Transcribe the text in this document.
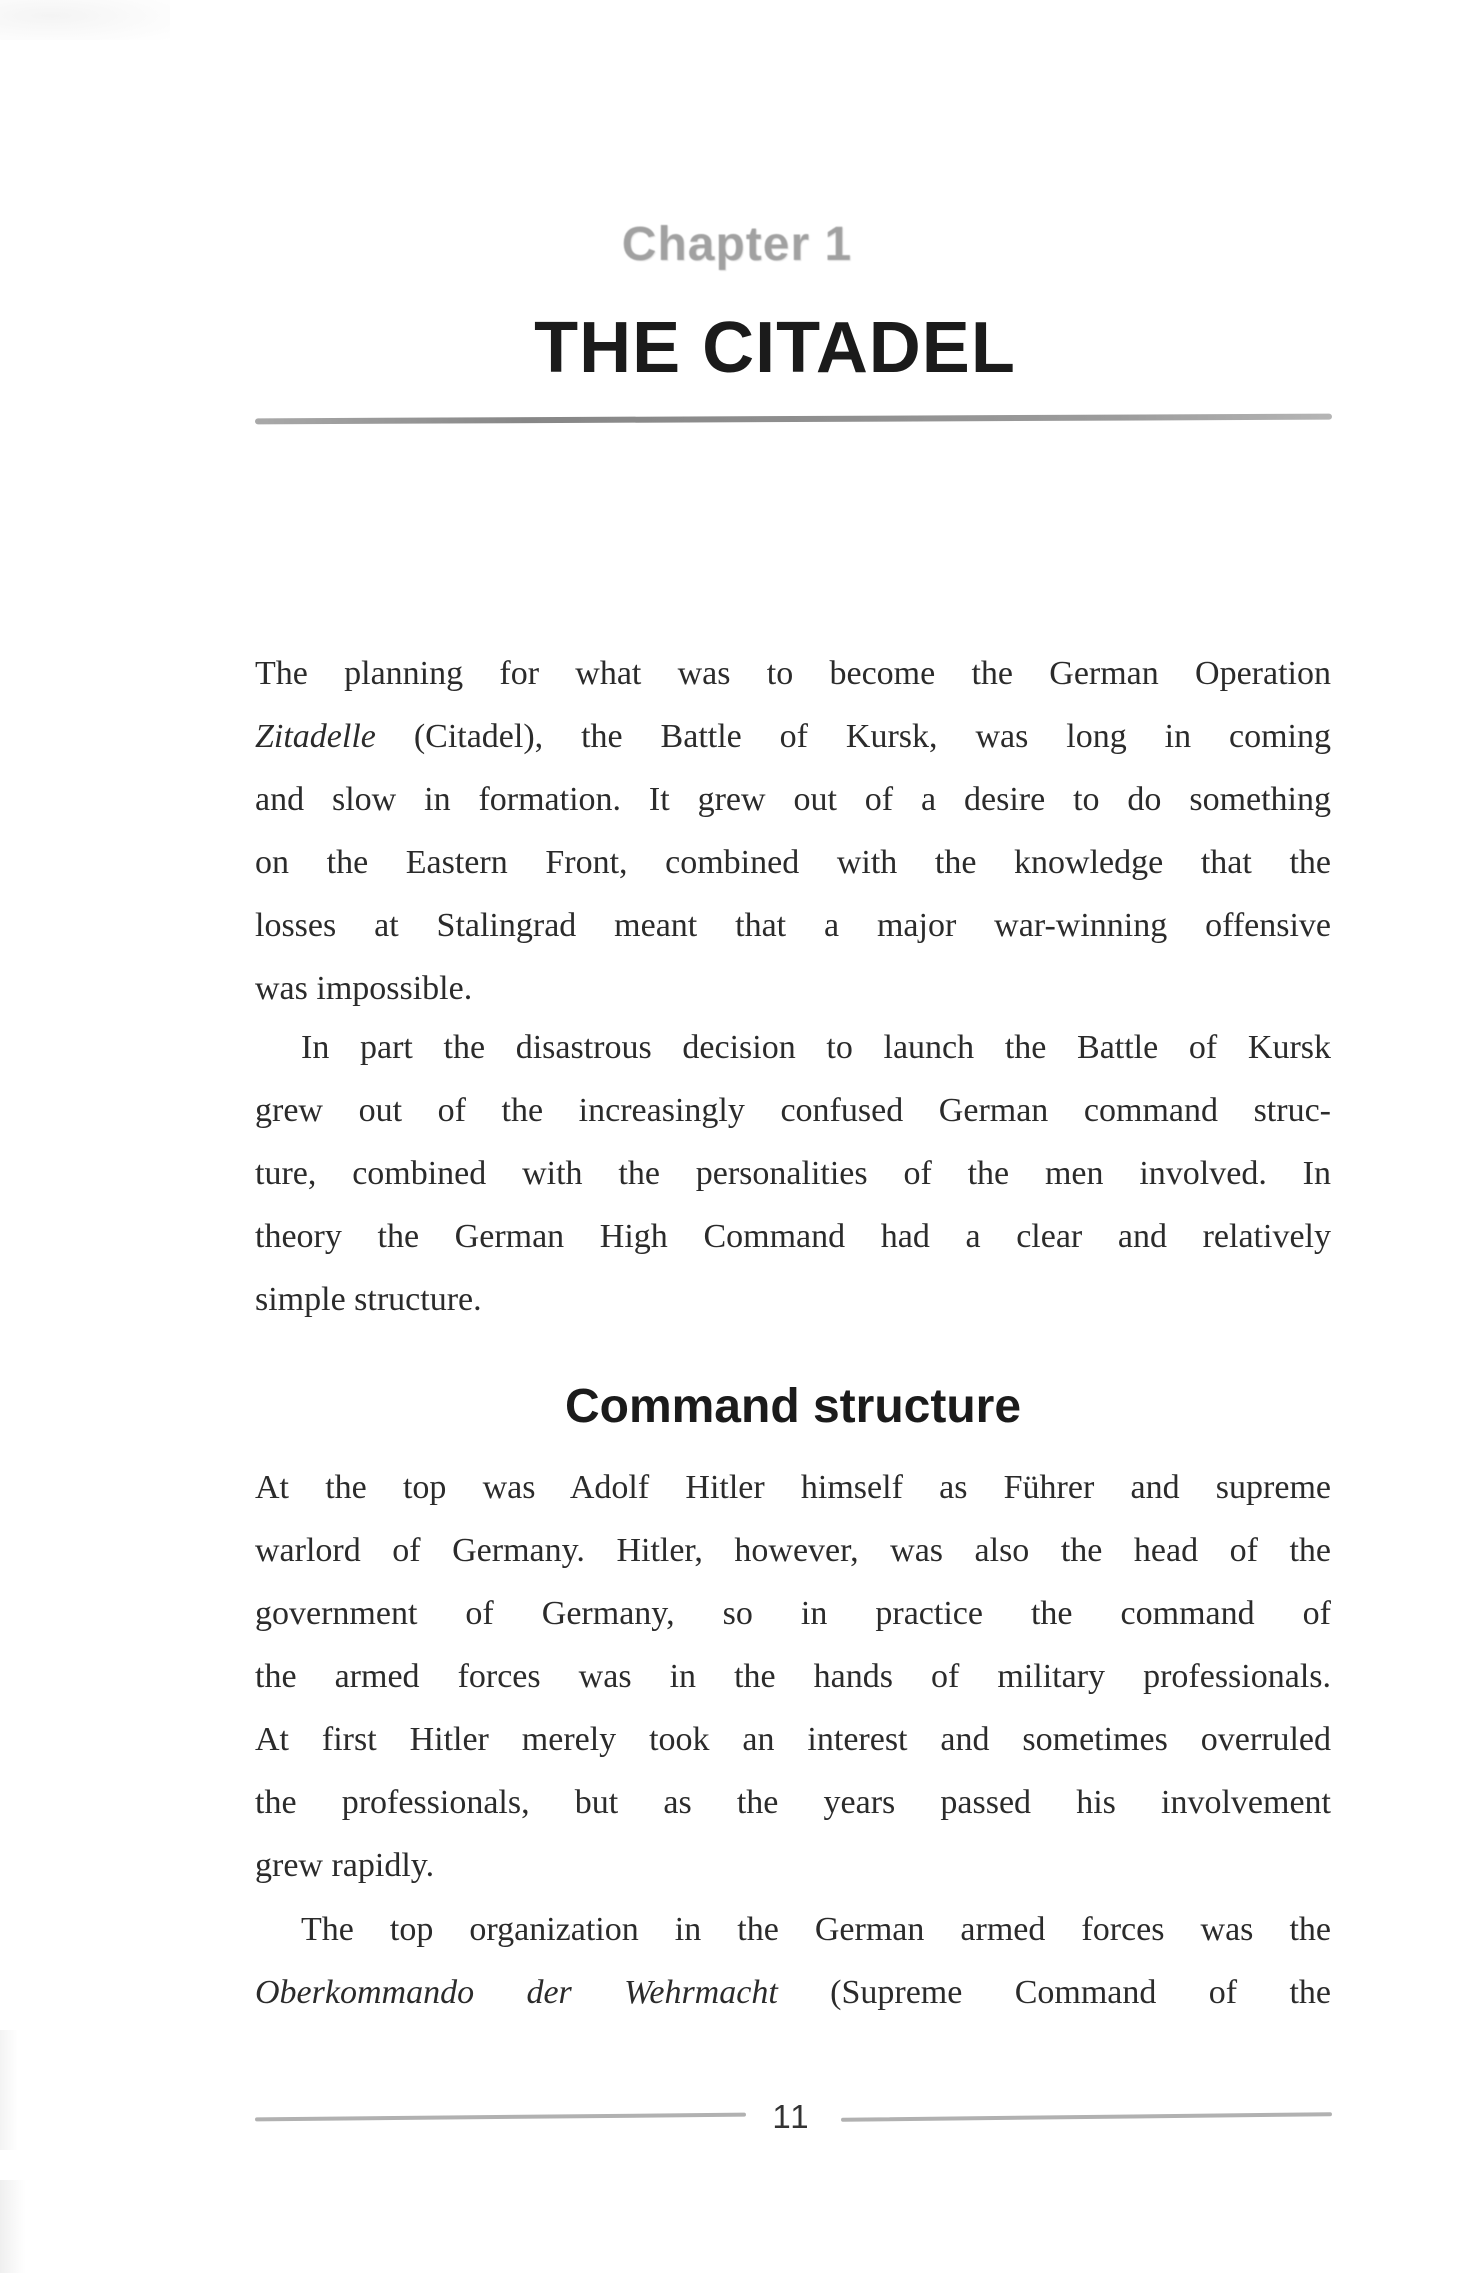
Chapter 1
THE CITADEL
The planning for what was to become the German Operation
Zitadelle (Citadel), the Battle of Kursk, was long in coming
and slow in formation. It grew out of a desire to do something
on the Eastern Front, combined with the knowledge that the
losses at Stalingrad meant that a major war-winning offensive
was impossible.
In part the disastrous decision to launch the Battle of Kursk
grew out of the increasingly confused German command struc-
ture, combined with the personalities of the men involved. In
theory the German High Command had a clear and relatively
simple structure.
At the top was Adolf Hitler himself as Führer and supreme
warlord of Germany. Hitler, however, was also the head of the
government of Germany, so in practice the command of
the armed forces was in the hands of military professionals.
At first Hitler merely took an interest and sometimes overruled
the professionals, but as the years passed his involvement
grew rapidly.
The top organization in the German armed forces was the
Oberkommando der Wehrmacht (Supreme Command of the
Command structure
11
